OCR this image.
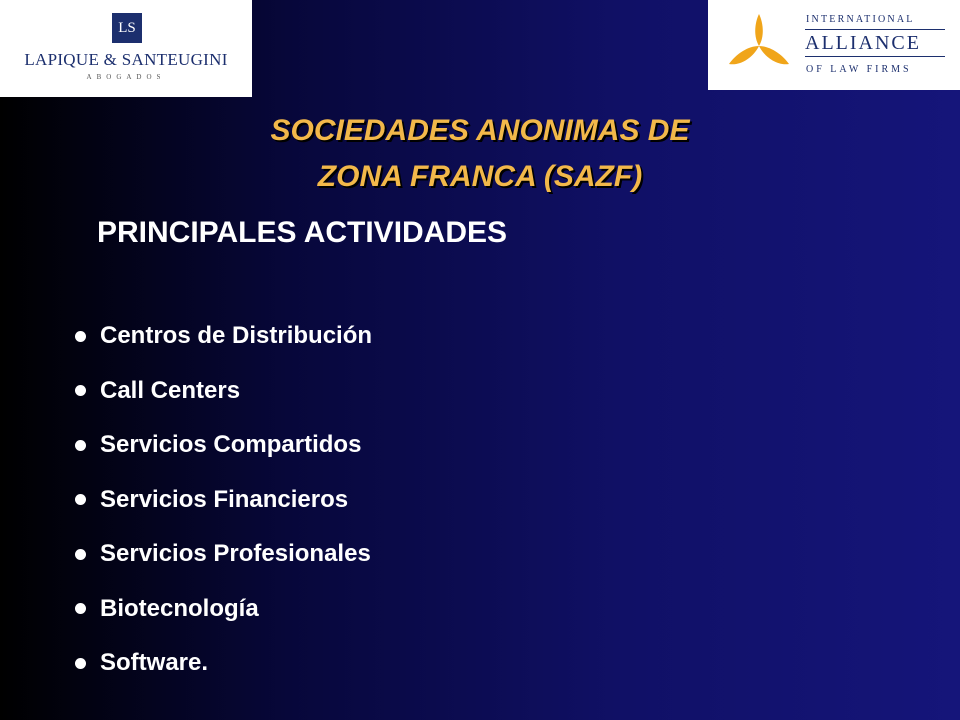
LS
LAPIQUE & SANTEUGINI
ABOGADOS
INTERNATIONAL
ALLIANCE
OF LAW FIRMS
SOCIEDADES ANONIMAS DE
ZONA FRANCA (SAZF)
PRINCIPALES ACTIVIDADES
Centros de Distribución
Call Centers
Servicios Compartidos
Servicios Financieros
Servicios Profesionales
Biotecnología
Software.
